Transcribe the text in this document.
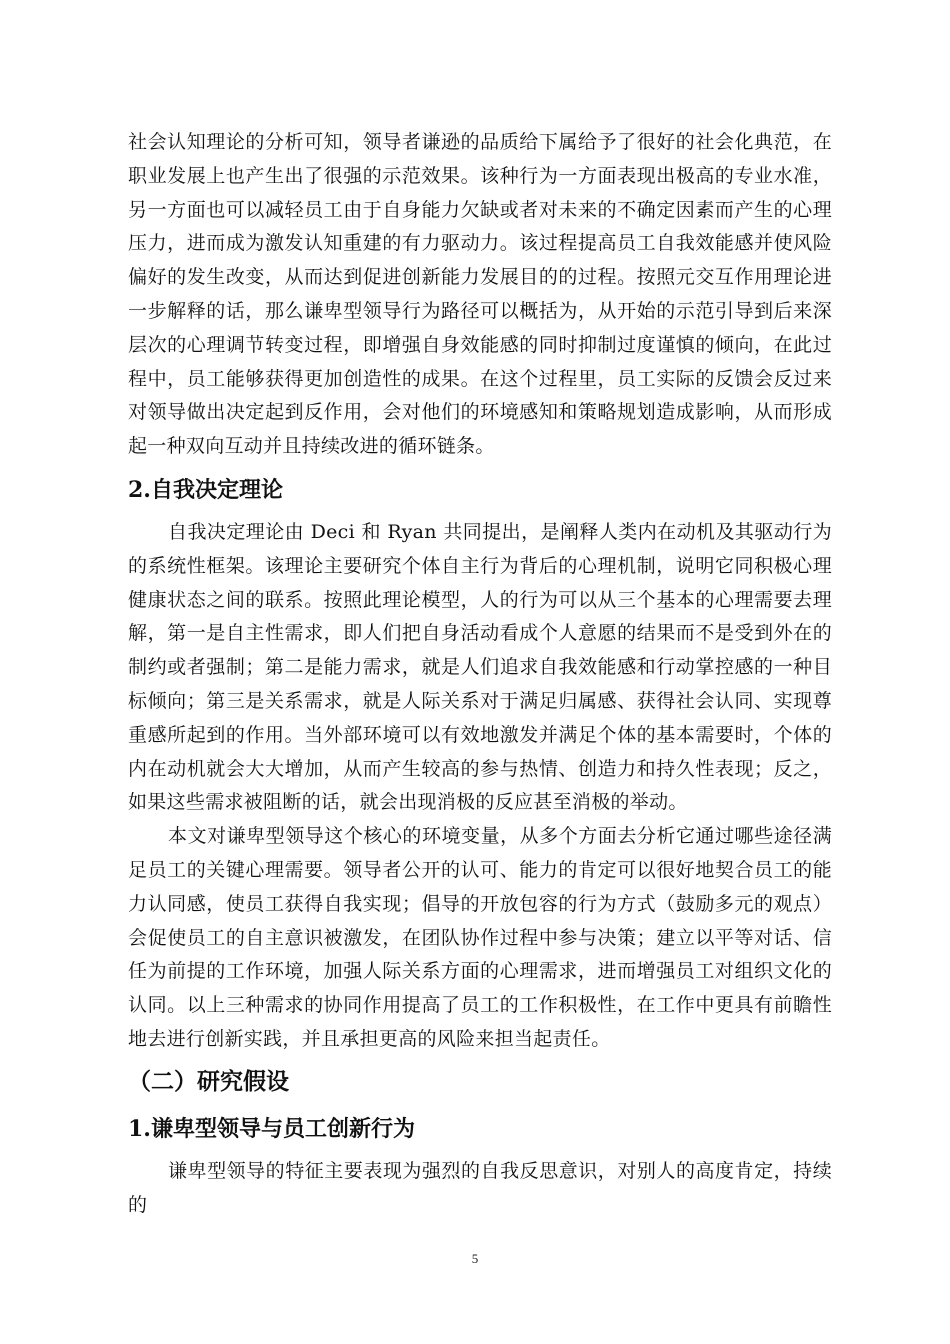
社会认知理论的分析可知，领导者谦逊的品质给下属给予了很好的社会化典范，在职业发展上也产生出了很强的示范效果。该种行为一方面表现出极高的专业水准，另一方面也可以减轻员工由于自身能力欠缺或者对未来的不确定因素而产生的心理压力，进而成为激发认知重建的有力驱动力。该过程提高员工自我效能感并使风险偏好的发生改变，从而达到促进创新能力发展目的的过程。按照元交互作用理论进一步解释的话，那么谦卑型领导行为路径可以概括为，从开始的示范引导到后来深层次的心理调节转变过程，即增强自身效能感的同时抑制过度谨慎的倾向，在此过程中，员工能够获得更加创造性的成果。在这个过程里，员工实际的反馈会反过来对领导做出决定起到反作用，会对他们的环境感知和策略规划造成影响，从而形成起一种双向互动并且持续改进的循环链条。

2.自我决定理论

自我决定理论由 Deci 和 Ryan 共同提出，是阐释人类内在动机及其驱动行为的系统性框架。该理论主要研究个体自主行为背后的心理机制，说明它同积极心理健康状态之间的联系。按照此理论模型，人的行为可以从三个基本的心理需要去理解，第一是自主性需求，即人们把自身活动看成个人意愿的结果而不是受到外在的制约或者强制；第二是能力需求，就是人们追求自我效能感和行动掌控感的一种目标倾向；第三是关系需求，就是人际关系对于满足归属感、获得社会认同、实现尊重感所起到的作用。当外部环境可以有效地激发并满足个体的基本需要时，个体的内在动机就会大大增加，从而产生较高的参与热情、创造力和持久性表现；反之，如果这些需求被阻断的话，就会出现消极的反应甚至消极的举动。

本文对谦卑型领导这个核心的环境变量，从多个方面去分析它通过哪些途径满足员工的关键心理需要。领导者公开的认可、能力的肯定可以很好地契合员工的能力认同感，使员工获得自我实现；倡导的开放包容的行为方式（鼓励多元的观点）会促使员工的自主意识被激发，在团队协作过程中参与决策；建立以平等对话、信任为前提的工作环境，加强人际关系方面的心理需求，进而增强员工对组织文化的认同。以上三种需求的协同作用提高了员工的工作积极性，在工作中更具有前瞻性地去进行创新实践，并且承担更高的风险来担当起责任。

（二）研究假设
1.谦卑型领导与员工创新行为

谦卑型领导的特征主要表现为强烈的自我反思意识，对别人的高度肯定，持续的

5
